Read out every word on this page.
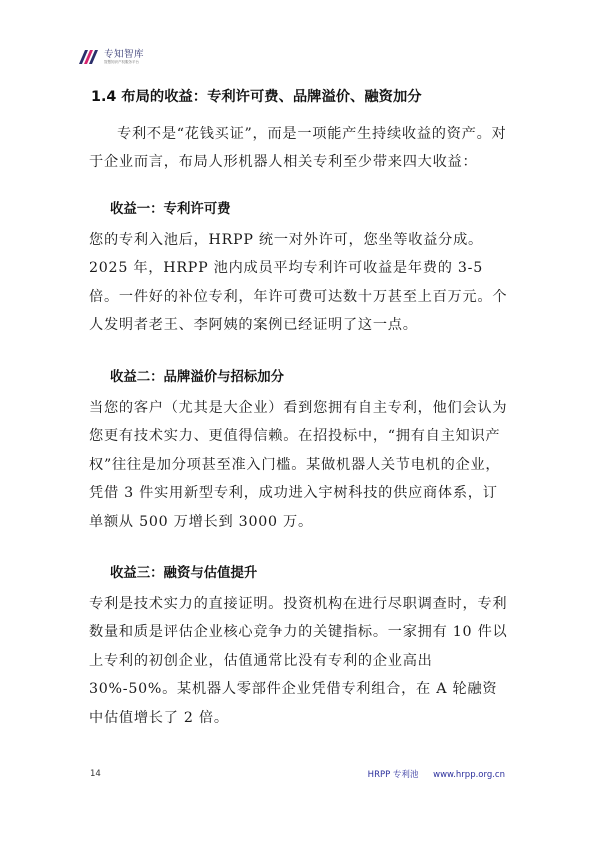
专知智库
智慧知识产权服务平台
1.4 布局的收益：专利许可费、品牌溢价、融资加分

专利不是“花钱买证”，而是一项能产生持续收益的资产。对于企业而言，布局人形机器人相关专利至少带来四大收益：

收益一：专利许可费

您的专利入池后，HRPP 统一对外许可，您坐等收益分成。2025 年，HRPP 池内成员平均专利许可收益是年费的 3-5 倍。一件好的补位专利，年许可费可达数十万甚至上百万元。个人发明者老王、李阿姨的案例已经证明了这一点。

收益二：品牌溢价与招标加分

当您的客户（尤其是大企业）看到您拥有自主专利，他们会认为您更有技术实力、更值得信赖。在招投标中，“拥有自主知识产权”往往是加分项甚至准入门槛。某做机器人关节电机的企业，凭借 3 件实用新型专利，成功进入宇树科技的供应商体系，订单额从 500 万增长到 3000 万。

收益三：融资与估值提升

专利是技术实力的直接证明。投资机构在进行尽职调查时，专利数量和质是评估企业核心竞争力的关键指标。一家拥有 10 件以上专利的初创企业，估值通常比没有专利的企业高出 30%-50%。某机器人零部件企业凭借专利组合，在 A 轮融资中估值增长了 2 倍。

14	HRPP 专利池 www.hrpp.org.cn
